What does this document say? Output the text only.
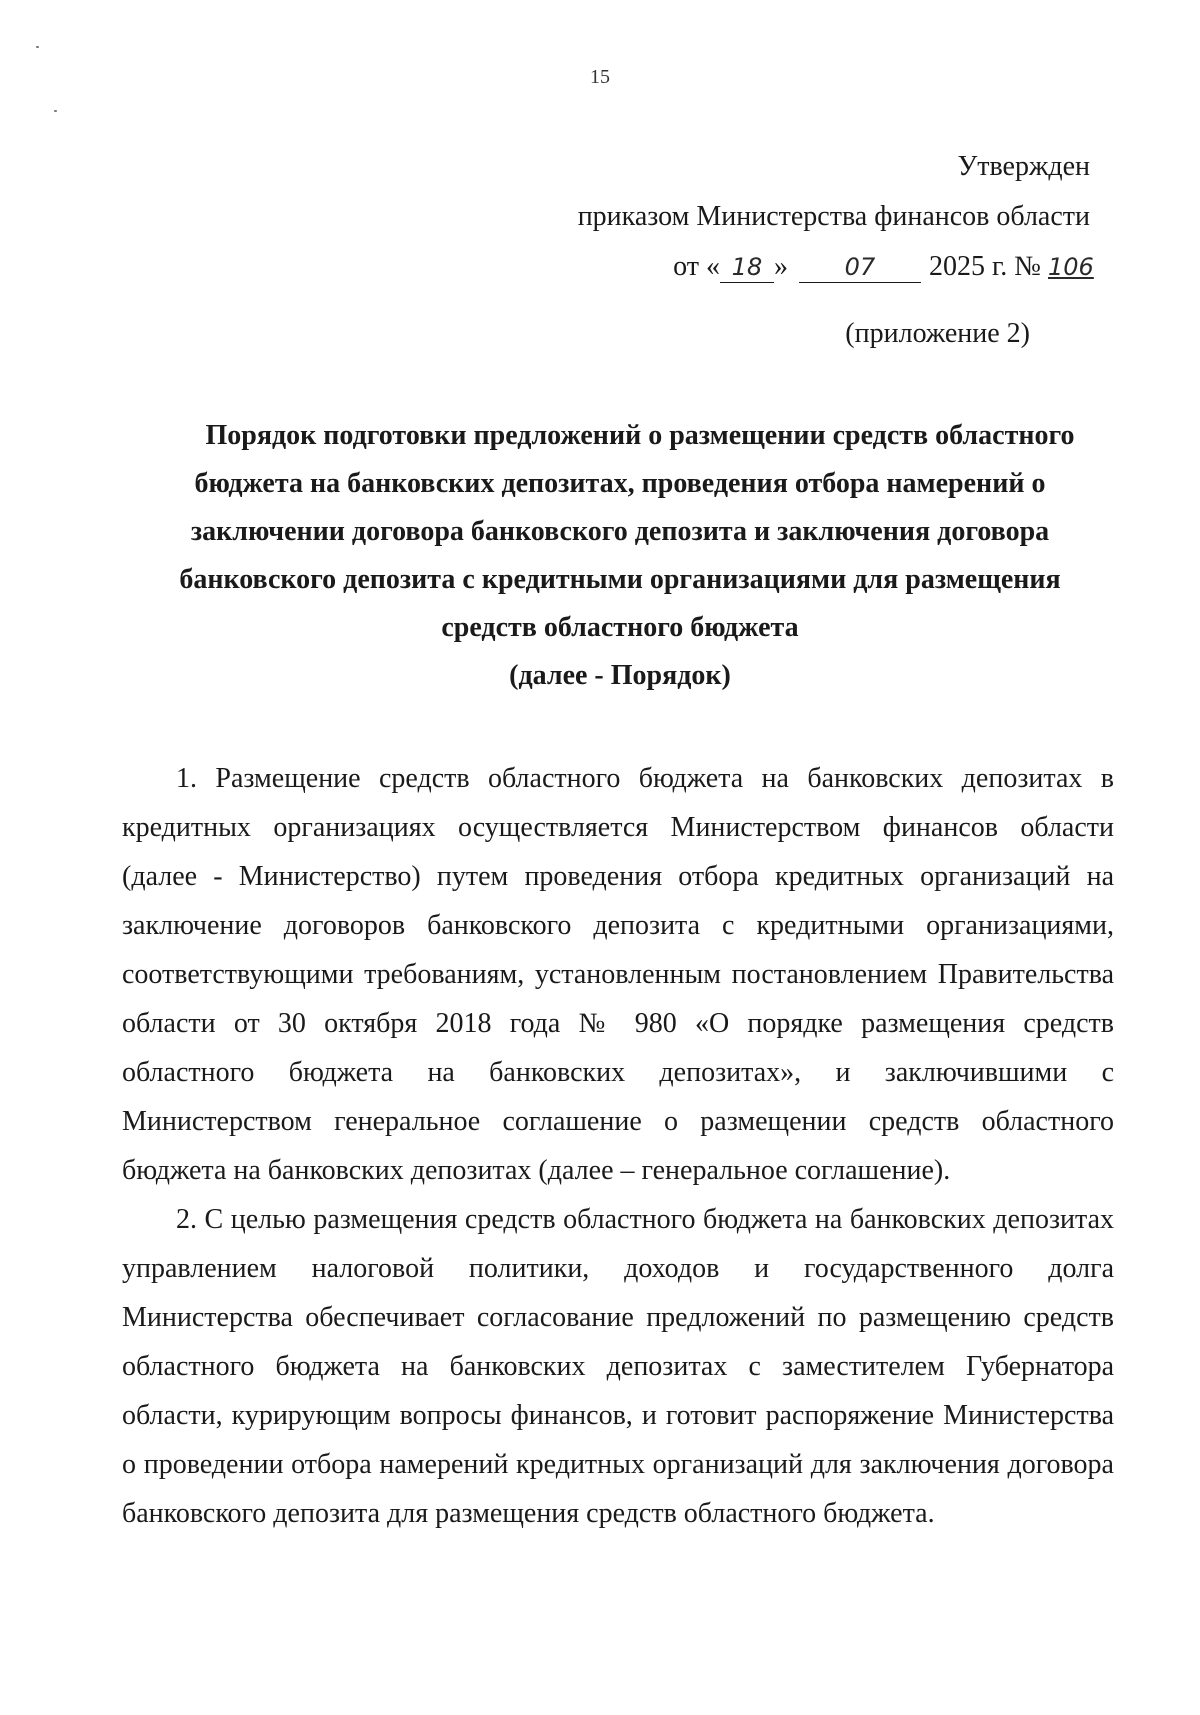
15
Утвержден
приказом Министерства финансов области
от « 18 » 07 2025 г. № 106
(приложение 2)
Порядок подготовки предложений о размещении средств областного
бюджета на банковских депозитах, проведения отбора намерений о
заключении договора банковского депозита и заключения договора
банковского депозита с кредитными организациями для размещения
средств областного бюджета
(далее - Порядок)

1. Размещение средств областного бюджета на банковских депозитах в кредитных организациях осуществляется Министерством финансов области (далее - Министерство) путем проведения отбора кредитных организаций на заключение договоров банковского депозита с кредитными организациями, соответствующими требованиям, установленным постановлением Правительства области от 30 октября 2018 года № 980 «О порядке размещения средств областного бюджета на банковских депозитах», и заключившими с Министерством генеральное соглашение о размещении средств областного бюджета на банковских депозитах (далее – генеральное соглашение).

2. С целью размещения средств областного бюджета на банковских депозитах управлением налоговой политики, доходов и государственного долга Министерства обеспечивает согласование предложений по размещению средств областного бюджета на банковских депозитах с заместителем Губернатора области, курирующим вопросы финансов, и готовит распоряжение Министерства о проведении отбора намерений кредитных организаций для заключения договора банковского депозита для размещения средств областного бюджета.
